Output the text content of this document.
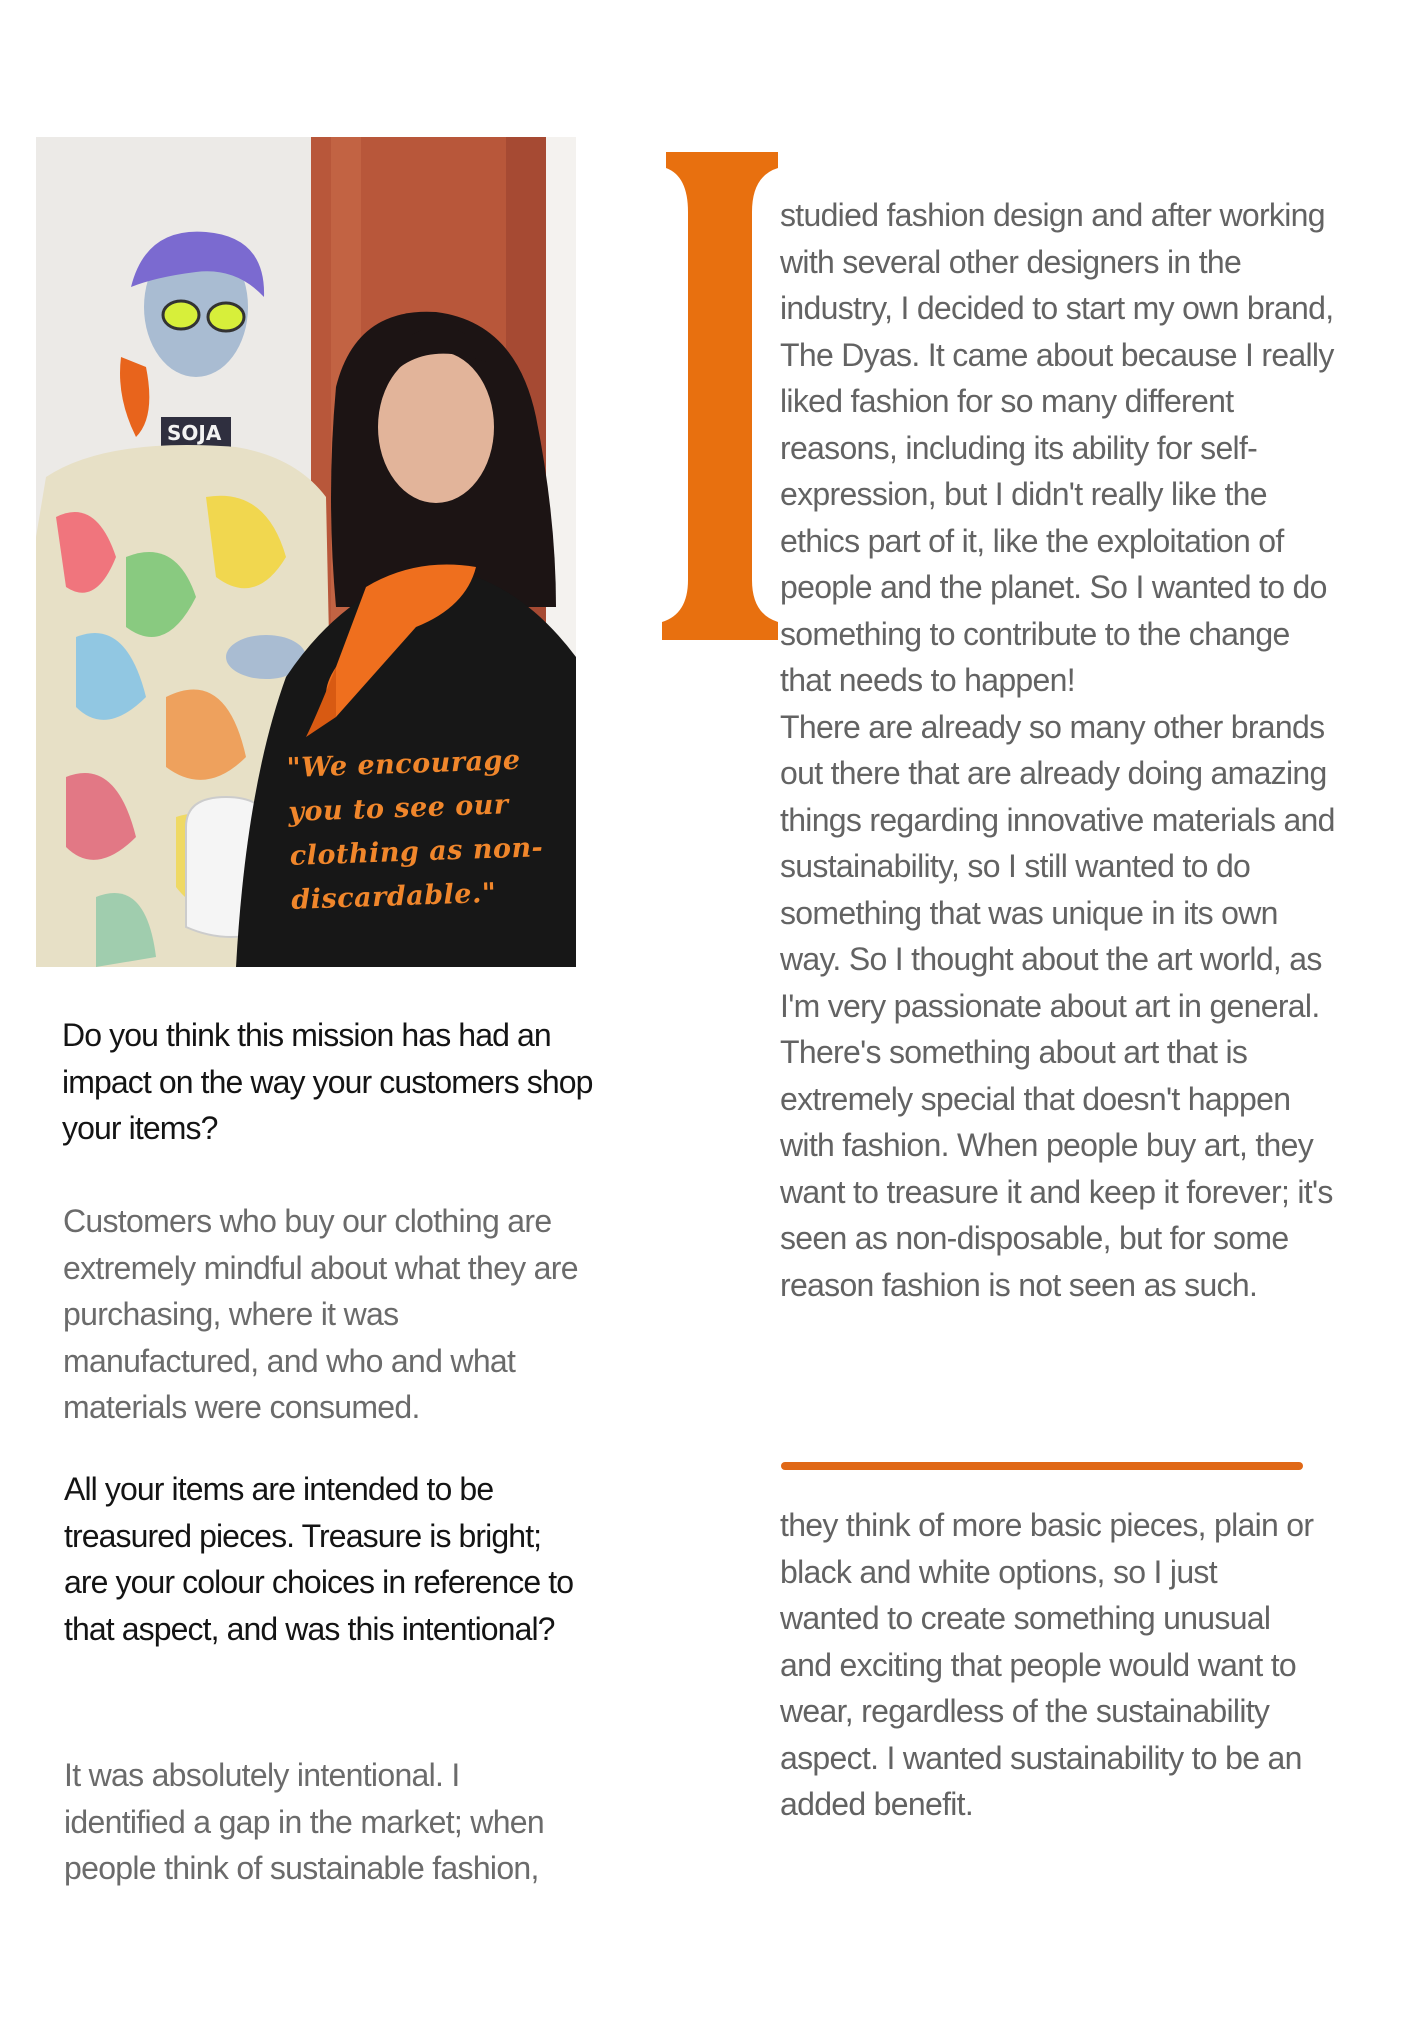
SOJA
"We encourage you to see our clothing as non-discardable."
Do you think this mission has had an impact on the way your customers shop your items?
Customers who buy our clothing are extremely mindful about what they are purchasing, where it was manufactured, and who and what materials were consumed.
All your items are intended to be treasured pieces. Treasure is bright; are your colour choices in reference to that aspect, and was this intentional?
It was absolutely intentional. I identified a gap in the market; when people think of sustainable fashion,

studied fashion design and after working with several other designers in the industry, I decided to start my own brand, The Dyas. It came about because I really liked fashion for so many different reasons, including its ability for self-expression, but I didn't really like the ethics part of it, like the exploitation of people and the planet. So I wanted to do something to contribute to the change that needs to happen!

There are already so many other brands out there that are already doing amazing things regarding innovative materials and sustainability, so I still wanted to do something that was unique in its own way. So I thought about the art world, as I'm very passionate about art in general. There's something about art that is extremely special that doesn't happen with fashion. When people buy art, they want to treasure it and keep it forever; it's seen as non-disposable, but for some reason fashion is not seen as such.

they think of more basic pieces, plain or black and white options, so I just wanted to create something unusual and exciting that people would want to wear, regardless of the sustainability aspect. I wanted sustainability to be an added benefit.
